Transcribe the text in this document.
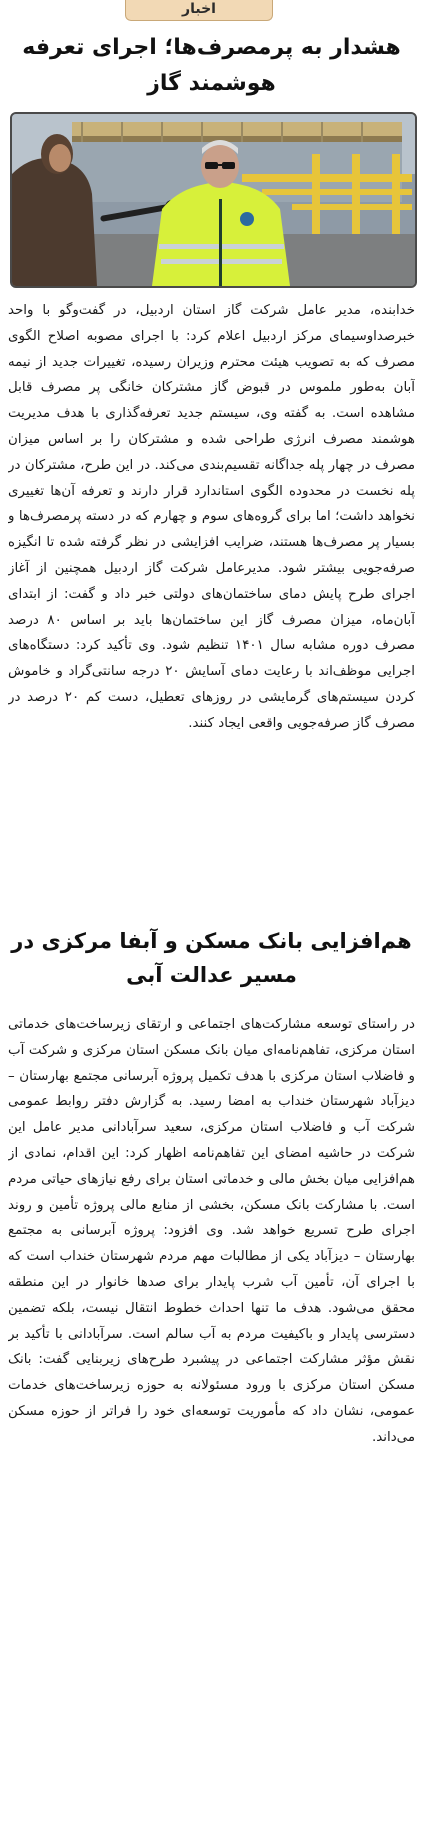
اخبار
هشدار به پرمصرف‌ها؛ اجرای تعرفه هوشمند گاز

خدابنده، مدیر عامل شرکت گاز استان اردبیل، در گفت‌وگو با واحد خبرصداوسیمای مرکز اردبیل اعلام کرد: با اجرای مصوبه اصلاح الگوی مصرف که به تصویب هیئت محترم وزیران رسیده، تغییرات جدید از نیمه آبان به‌طور ملموس در قبوض گاز مشترکان خانگی پر مصرف قابل مشاهده است. به گفته وی، سیستم جدید تعرفه‌گذاری با هدف مدیریت هوشمند مصرف انرژی طراحی شده و مشترکان را بر اساس میزان مصرف در چهار پله جداگانه تقسیم‌بندی می‌کند. در این طرح، مشترکان در پله نخست در محدوده الگوی استاندارد قرار دارند و تعرفه آن‌ها تغییری نخواهد داشت؛ اما برای گروه‌های سوم و چهارم که در دسته پرمصرف‌ها و بسیار پر مصرف‌ها هستند، ضرایب افزایشی در نظر گرفته شده تا انگیزه صرفه‌جویی بیشتر شود. مدیرعامل شرکت گاز اردبیل همچنین از آغاز اجرای طرح پایش دمای ساختمان‌های دولتی خبر داد و گفت: از ابتدای آبان‌ماه، میزان مصرف گاز این ساختمان‌ها باید بر اساس ۸۰ درصد مصرف دوره مشابه سال ۱۴۰۱ تنظیم شود. وی تأکید کرد: دستگاه‌های اجرایی موظف‌اند با رعایت دمای آسایش ۲۰ درجه سانتی‌گراد و خاموش کردن سیستم‌های گرمایشی در روزهای تعطیل، دست کم ۲۰ درصد در مصرف گاز صرفه‌جویی واقعی ایجاد کنند.

هم‌افزایی بانک مسکن و آبفا مرکزی در مسیر عدالت آبی

در راستای توسعه مشارکت‌های اجتماعی و ارتقای زیرساخت‌های خدماتی استان مرکزی، تفاهم‌نامه‌ای میان بانک مسکن استان مرکزی و شرکت آب و فاضلاب استان مرکزی با هدف تکمیل پروژه آبرسانی مجتمع بهارستان – دیزآباد شهرستان خنداب به امضا رسید. به گزارش دفتر روابط عمومی شرکت آب و فاضلاب استان مرکزی، سعید سرآبادانی مدیر عامل این شرکت در حاشیه امضای این تفاهم‌نامه اظهار کرد: این اقدام، نمادی از هم‌افزایی میان بخش مالی و خدماتی استان برای رفع نیازهای حیاتی مردم است. با مشارکت بانک مسکن، بخشی از منابع مالی پروژه تأمین و روند اجرای طرح تسریع خواهد شد. وی افزود: پروژه آبرسانی به مجتمع بهارستان – دیزآباد یکی از مطالبات مهم مردم شهرستان خنداب است که با اجرای آن، تأمین آب شرب پایدار برای صدها خانوار در این منطقه محقق می‌شود. هدف ما تنها احداث خطوط انتقال نیست، بلکه تضمین دسترسی پایدار و باکیفیت مردم به آب سالم است. سرآبادانی با تأکید بر نقش مؤثر مشارکت اجتماعی در پیشبرد طرح‌های زیربنایی گفت: بانک مسکن استان مرکزی با ورود مسئولانه به حوزه زیرساخت‌های خدمات عمومی، نشان داد که مأموریت توسعه‌ای خود را فراتر از حوزه مسکن می‌داند.
